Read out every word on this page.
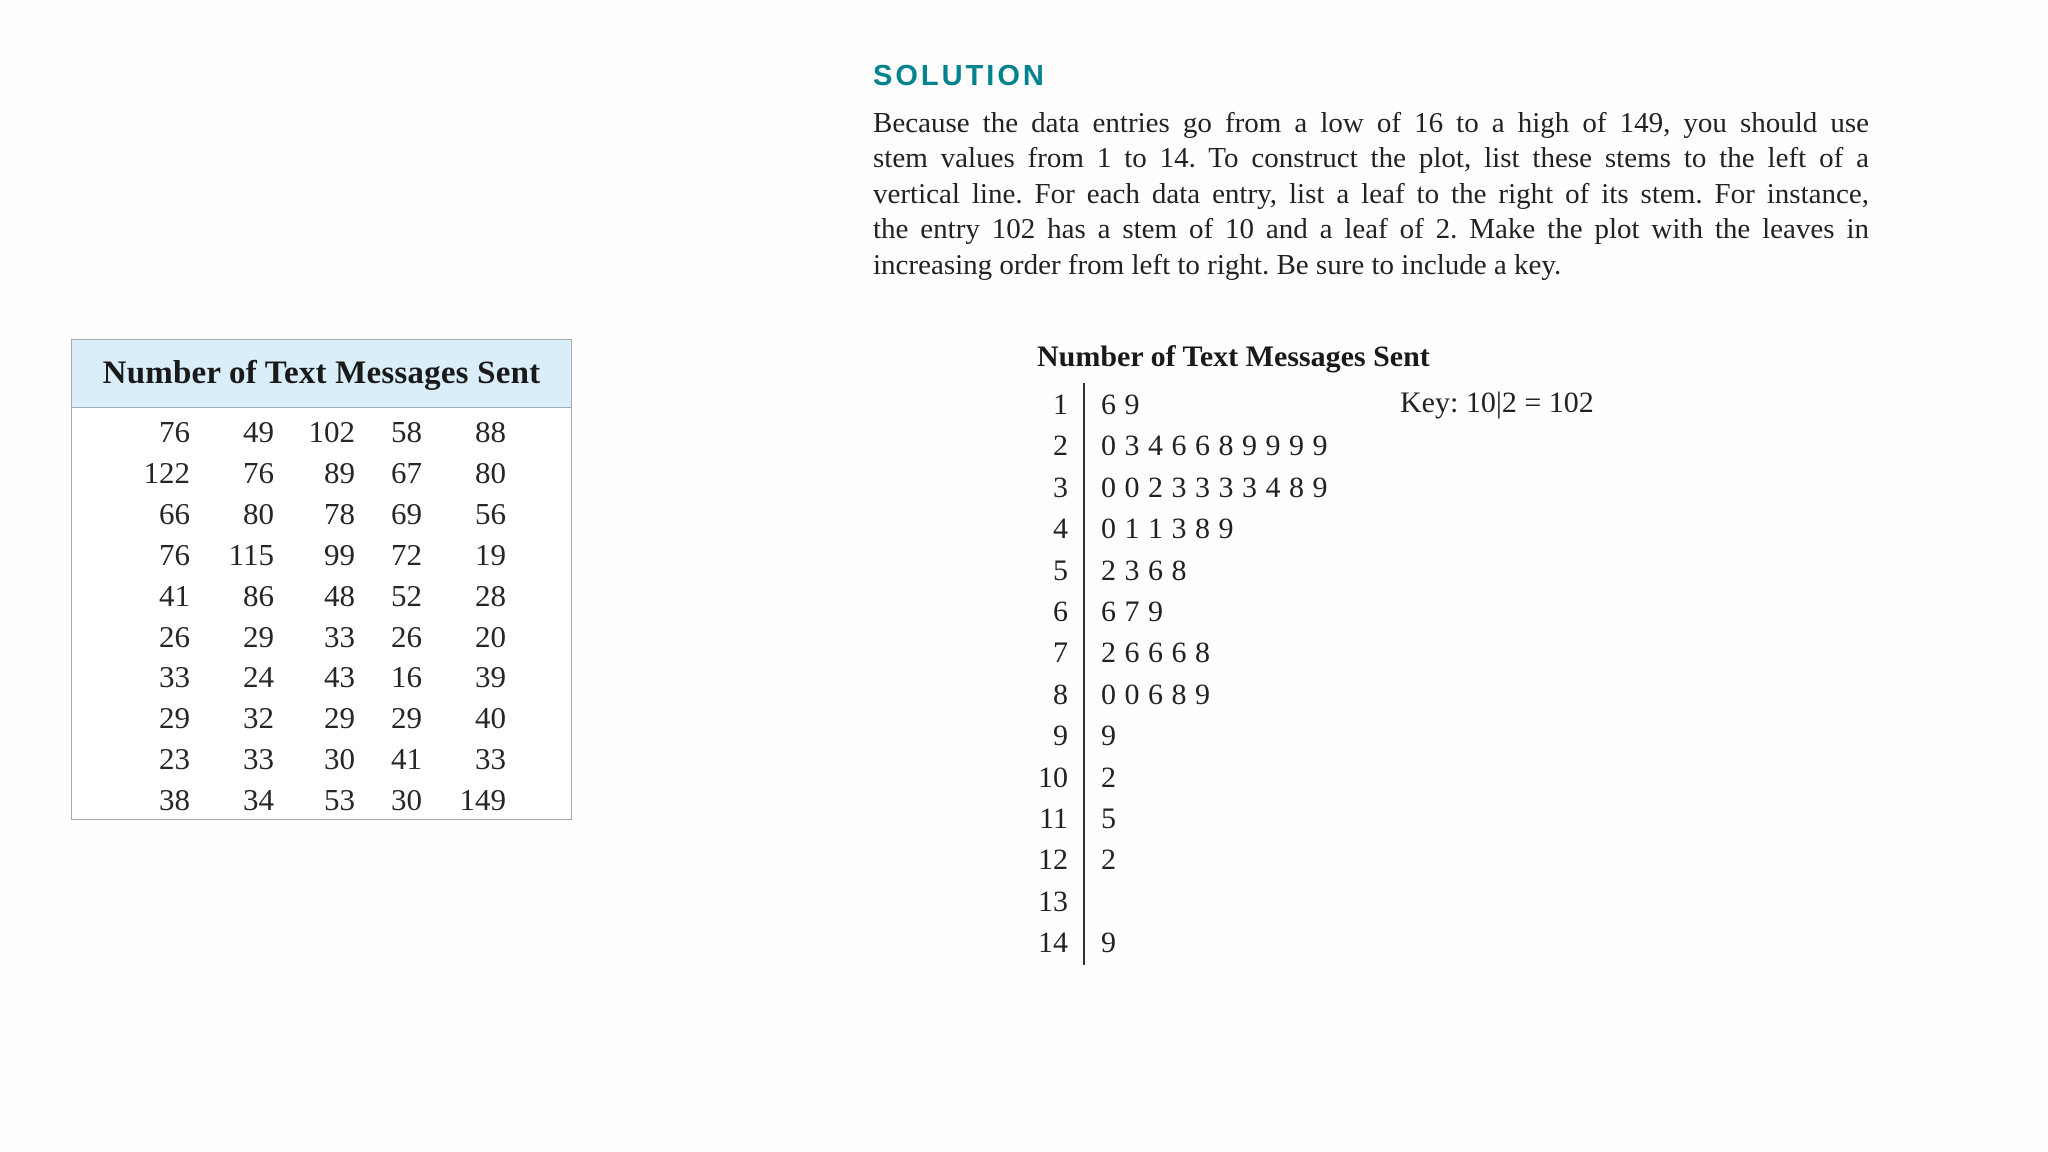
Number of Text Messages Sent
76	49	102	58	88
122	76	89	67	80
66	80	78	69	56
76	115	99	72	19
41	86	48	52	28
26	29	33	26	20
33	24	43	16	39
29	32	29	29	40
23	33	30	41	33
38	34	53	30	149
SOLUTION
Because the data entries go from a low of 16 to a high of 149, you should use
stem values from 1 to 14. To construct the plot, list these stems to the left of a
vertical line. For each data entry, list a leaf to the right of its stem. For instance,
the entry 102 has a stem of 10 and a leaf of 2. Make the plot with the leaves in
increasing order from left to right. Be sure to include a key.
Number of Text Messages Sent
1 6 9
2 0 3 4 6 6 8 9 9 9 9
3 0 0 2 3 3 3 3 4 8 9
4 0 1 1 3 8 9
5 2 3 6 8
6 6 7 9
7 2 6 6 6 8
8 0 0 6 8 9
9 9
10 2
11 5
12 2
13
14 9
Key: 10|2 = 102
